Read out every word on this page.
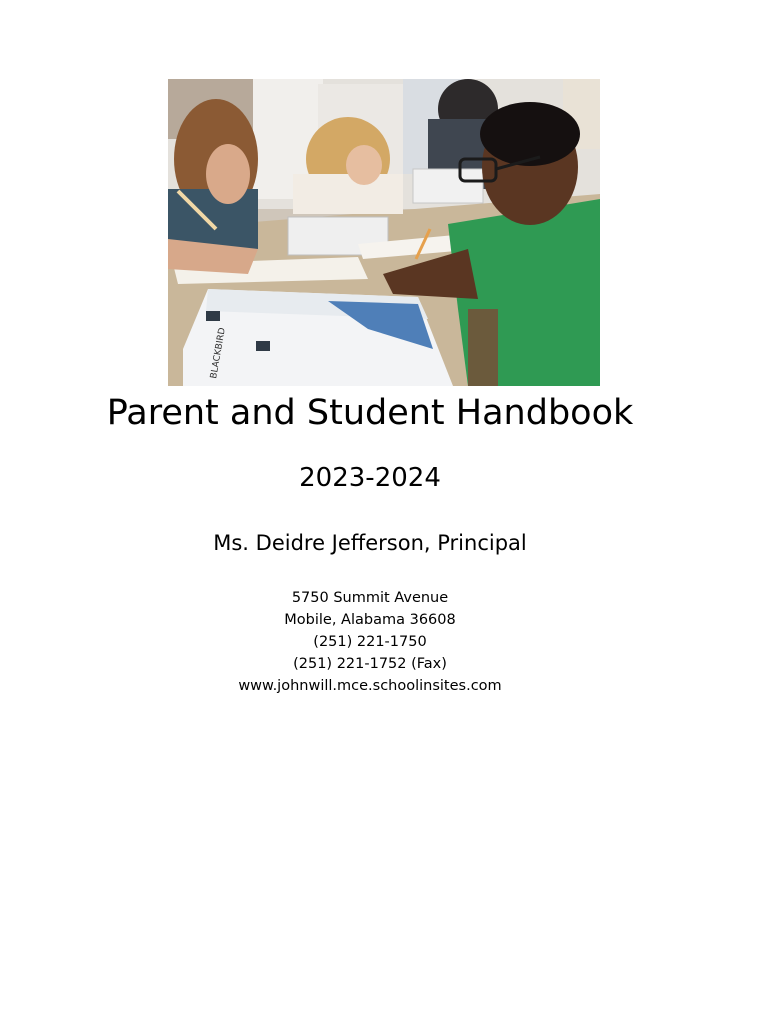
BLACKBIRD
Parent and Student Handbook
2023-2024
Ms. Deidre Jefferson, Principal
5750 Summit Avenue
Mobile, Alabama 36608
(251) 221-1750
(251) 221-1752 (Fax)
www.johnwill.mce.schoolinsites.com
